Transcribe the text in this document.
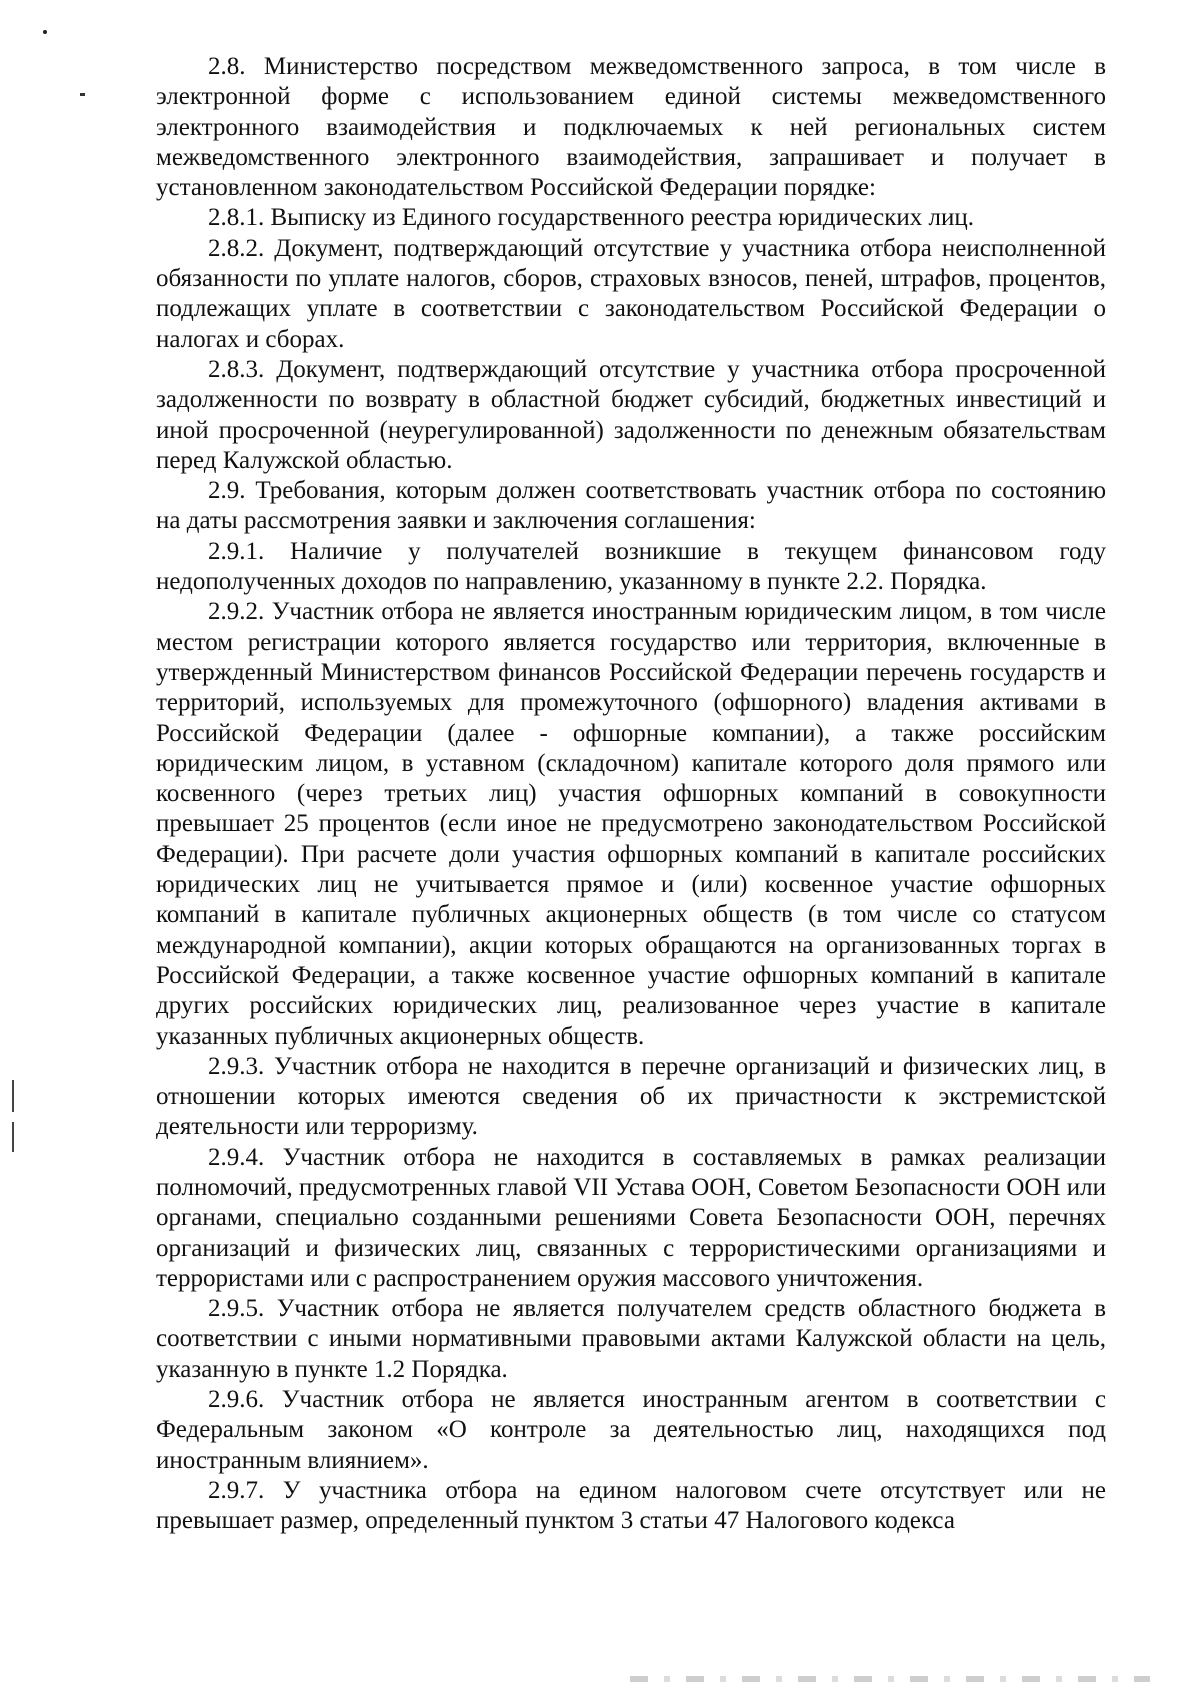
2.8. Министерство посредством межведомственного запроса, в том числе в электронной форме с использованием единой системы межведомственного электронного взаимодействия и подключаемых к ней региональных систем межведомственного электронного взаимодействия, запрашивает и получает в установленном законодательством Российской Федерации порядке:

2.8.1. Выписку из Единого государственного реестра юридических лиц.

2.8.2. Документ, подтверждающий отсутствие у участника отбора неисполненной обязанности по уплате налогов, сборов, страховых взносов, пеней, штрафов, процентов, подлежащих уплате в соответствии с законодательством Российской Федерации о налогах и сборах.

2.8.3. Документ, подтверждающий отсутствие у участника отбора просроченной задолженности по возврату в областной бюджет субсидий, бюджетных инвестиций и иной просроченной (неурегулированной) задолженности по денежным обязательствам перед Калужской областью.

2.9. Требования, которым должен соответствовать участник отбора по состоянию на даты рассмотрения заявки и заключения соглашения:

2.9.1. Наличие у получателей возникшие в текущем финансовом году недополученных доходов по направлению, указанному в пункте 2.2. Порядка.

2.9.2. Участник отбора не является иностранным юридическим лицом, в том числе местом регистрации которого является государство или территория, включенные в утвержденный Министерством финансов Российской Федерации перечень государств и территорий, используемых для промежуточного (офшорного) владения активами в Российской Федерации (далее - офшорные компании), а также российским юридическим лицом, в уставном (складочном) капитале которого доля прямого или косвенного (через третьих лиц) участия офшорных компаний в совокупности превышает 25 процентов (если иное не предусмотрено законодательством Российской Федерации). При расчете доли участия офшорных компаний в капитале российских юридических лиц не учитывается прямое и (или) косвенное участие офшорных компаний в капитале публичных акционерных обществ (в том числе со статусом международной компании), акции которых обращаются на организованных торгах в Российской Федерации, а также косвенное участие офшорных компаний в капитале других российских юридических лиц, реализованное через участие в капитале указанных публичных акционерных обществ.

2.9.3. Участник отбора не находится в перечне организаций и физических лиц, в отношении которых имеются сведения об их причастности к экстремистской деятельности или терроризму.

2.9.4. Участник отбора не находится в составляемых в рамках реализации полномочий, предусмотренных главой VII Устава ООН, Советом Безопасности ООН или органами, специально созданными решениями Совета Безопасности ООН, перечнях организаций и физических лиц, связанных с террористическими организациями и террористами или с распространением оружия массового уничтожения.

2.9.5. Участник отбора не является получателем средств областного бюджета в соответствии с иными нормативными правовыми актами Калужской области на цель, указанную в пункте 1.2 Порядка.

2.9.6. Участник отбора не является иностранным агентом в соответствии с Федеральным законом «О контроле за деятельностью лиц, находящихся под иностранным влиянием».

2.9.7. У участника отбора на едином налоговом счете отсутствует или не превышает размер, определенный пунктом 3 статьи 47 Налогового кодекса
